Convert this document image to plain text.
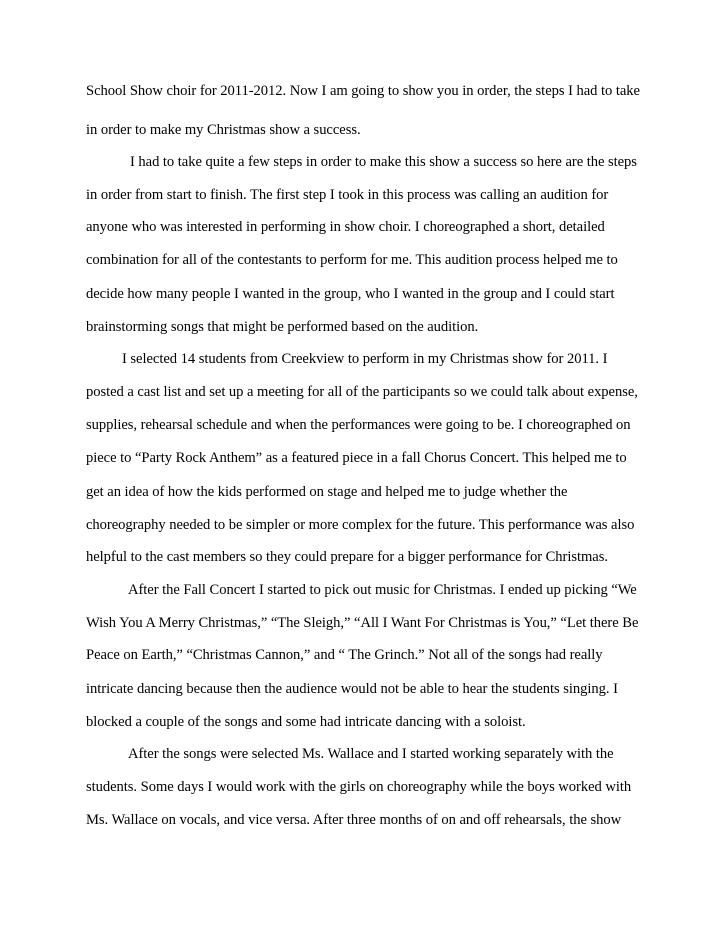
School Show choir for 2011-2012. Now I am going to show you in order, the steps I had to take
in order to make my Christmas show a success.
I had to take quite a few steps in order to make this show a success so here are the steps
in order from start to finish. The first step I took in this process was calling an audition for
anyone who was interested in performing in show choir. I choreographed a short, detailed
combination for all of the contestants to perform for me. This audition process helped me to
decide how many people I wanted in the group, who I wanted in the group and I could start
brainstorming songs that might be performed based on the audition.
I selected 14 students from Creekview to perform in my Christmas show for 2011. I
posted a cast list and set up a meeting for all of the participants so we could talk about expense,
supplies, rehearsal schedule and when the performances were going to be. I choreographed on
piece to “Party Rock Anthem” as a featured piece in a fall Chorus Concert. This helped me to
get an idea of how the kids performed on stage and helped me to judge whether the
choreography needed to be simpler or more complex for the future. This performance was also
helpful to the cast members so they could prepare for a bigger performance for Christmas.
After the Fall Concert I started to pick out music for Christmas. I ended up picking “We
Wish You A Merry Christmas,” “The Sleigh,” “All I Want For Christmas is You,” “Let there Be
Peace on Earth,” “Christmas Cannon,” and “ The Grinch.” Not all of the songs had really
intricate dancing because then the audience would not be able to hear the students singing. I
blocked a couple of the songs and some had intricate dancing with a soloist.
After the songs were selected Ms. Wallace and I started working separately with the
students. Some days I would work with the girls on choreography while the boys worked with
Ms. Wallace on vocals, and vice versa. After three months of on and off rehearsals, the show
